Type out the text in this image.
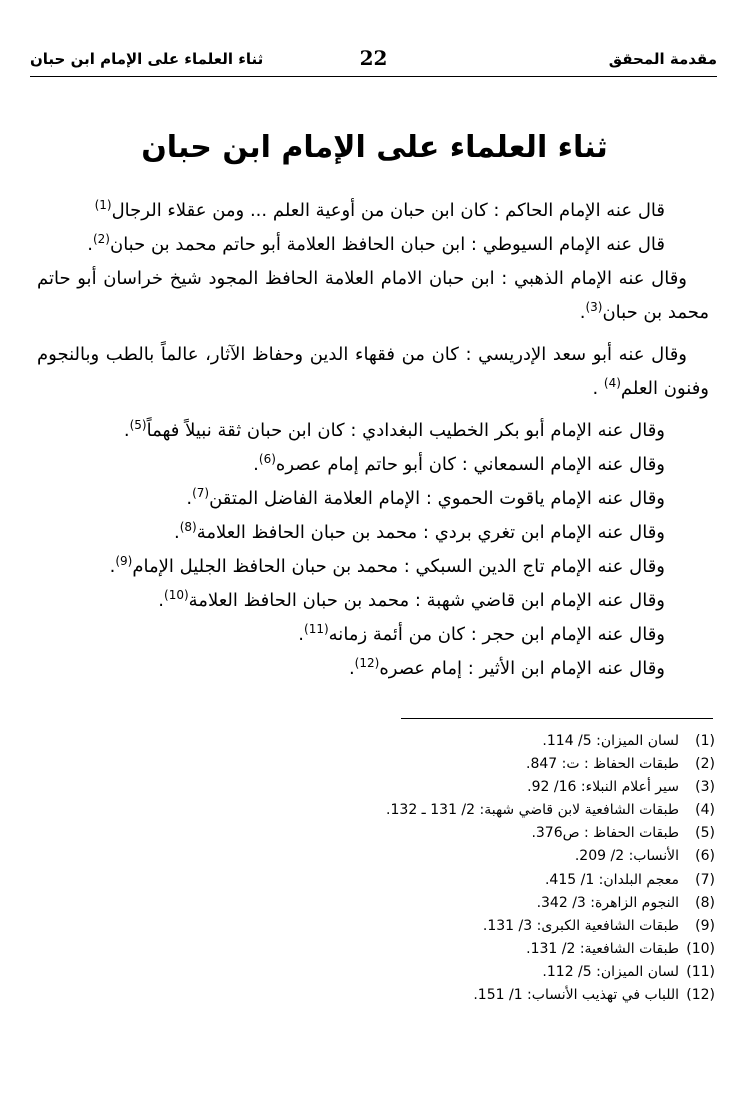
مقدمة المحقق
22
ثناء العلماء على الإمام ابن حبان
ثناء العلماء على الإمام ابن حبان

قال عنه الإمام الحاكم : كان ابن حبان من أوعية العلم ... ومن عقلاء الرجال$^{(1)}$

قال عنه الإمام السيوطي : ابن حبان الحافظ العلامة أبو حاتم محمد بن حبان$^{(2)}$.

وقال عنه الإمام الذهبي : ابن حبان الامام العلامة الحافظ المجود شيخ خراسان أبو حاتم محمد بن حبان$^{(3)}$.

وقال عنه أبو سعد الإدريسي : كان من فقهاء الدين وحفاظ الآثار، عالماً بالطب وبالنجوم وفنون العلم$^{(4)}$ .

وقال عنه الإمام أبو بكر الخطيب البغدادي : كان ابن حبان ثقة نبيلاً فهماً$^{(5)}$.

وقال عنه الإمام السمعاني : كان أبو حاتم إمام عصره$^{(6)}$.

وقال عنه الإمام ياقوت الحموي : الإمام العلامة الفاضل المتقن$^{(7)}$.

وقال عنه الإمام ابن تغري بردي : محمد بن حبان الحافظ العلامة$^{(8)}$.

وقال عنه الإمام تاج الدين السبكي : محمد بن حبان الحافظ الجليل الإمام$^{(9)}$.

وقال عنه الإمام ابن قاضي شهبة : محمد بن حبان الحافظ العلامة$^{(10)}$.

وقال عنه الإمام ابن حجر : كان من أئمة زمانه$^{(11)}$.

وقال عنه الإمام ابن الأثير : إمام عصره$^{(12)}$.

(1)
لسان الميزان: 5/ 114.
(2)
طبقات الحفاظ : ت: 847.
(3)
سير أعلام النبلاء: 16/ 92.
(4)
طبقات الشافعية لابن قاضي شهبة: 2/ 131 ـ 132.
(5)
طبقات الحفاظ : ص376.
(6)
الأنساب: 2/ 209.
(7)
معجم البلدان: 1/ 415.
(8)
النجوم الزاهرة: 3/ 342.
(9)
طبقات الشافعية الكبرى: 3/ 131.
(10)
طبقات الشافعية: 2/ 131.
(11)
لسان الميزان: 5/ 112.
(12)
اللباب في تهذيب الأنساب: 1/ 151.
